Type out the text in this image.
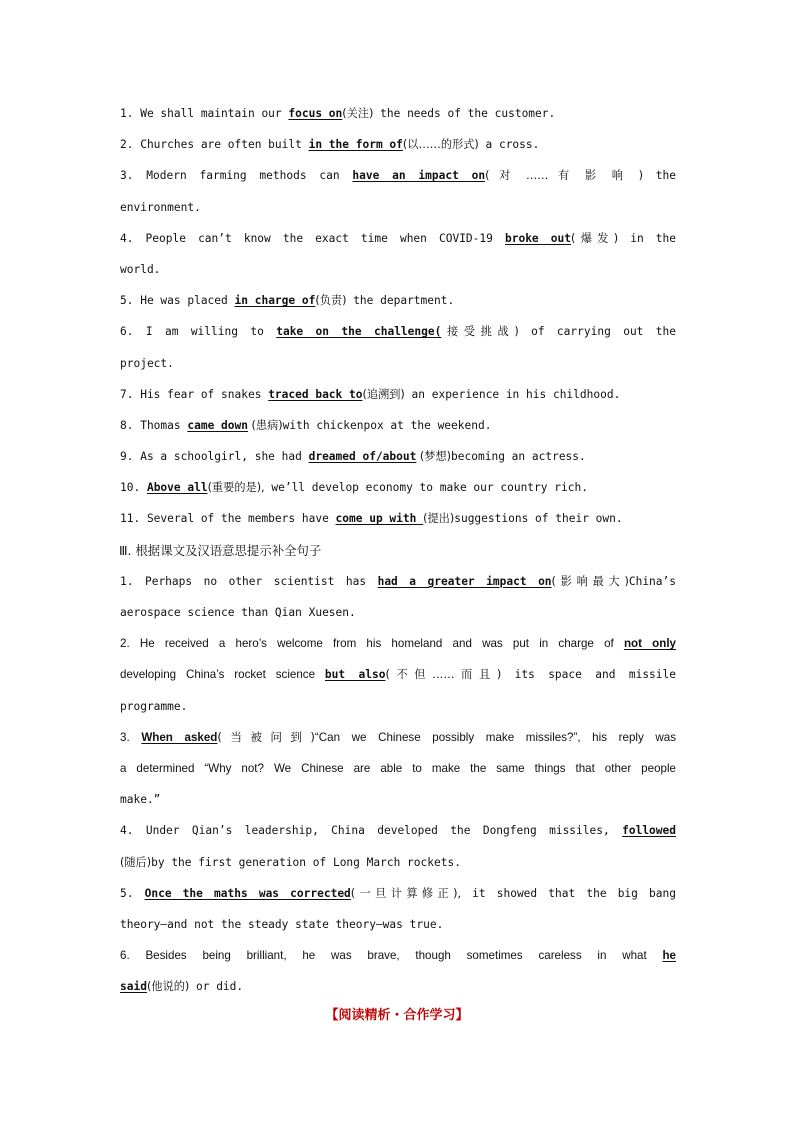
1. We shall maintain our focus on(关注) the needs of the customer.
2. Churches are often built in the form of(以……的形式) a cross.
3. Modern farming methods can have an impact on( 对 …… 有 影 响 ) the
environment.
4. People can’t know the exact time when COVID-19 broke out(爆发) in the
world.
5. He was placed in charge of(负责) the department.
6. I am willing to take on the challenge(接受挑战) of carrying out the
project.
7. His fear of snakes traced back to(追溯到) an experience in his childhood.
8. Thomas came down (患病)with chickenpox at the weekend.
9. As a schoolgirl, she had dreamed of/about (梦想)becoming an actress.
10. Above all(重要的是), we’ll develop economy to make our country rich.
11. Several of the members have come up with (提出)suggestions of their own.
Ⅲ. 根据课文及汉语意思提示补全句子
1. Perhaps no other scientist has had a greater impact on(影响最大)China’s
aerospace science than Qian Xuesen.
2. He received a hero’s welcome from his homeland and was put in charge of not only
developing China’s rocket science but also(不但……而且) its space and missile
programme.
3. When asked(当被问到)“Can we Chinese possibly make missiles?”, his reply was
a determined “Why not? We Chinese are able to make the same things that other people
make.”
4. Under Qian’s leadership, China developed the Dongfeng missiles, followed
(随后)by the first generation of Long March rockets.
5. Once the maths was corrected(一旦计算修正), it showed that the big bang
theory—and not the steady state theory—was true.
6. Besides being brilliant, he was brave, though sometimes careless in what he
said(他说的) or did.
【阅读精析・合作学习】
